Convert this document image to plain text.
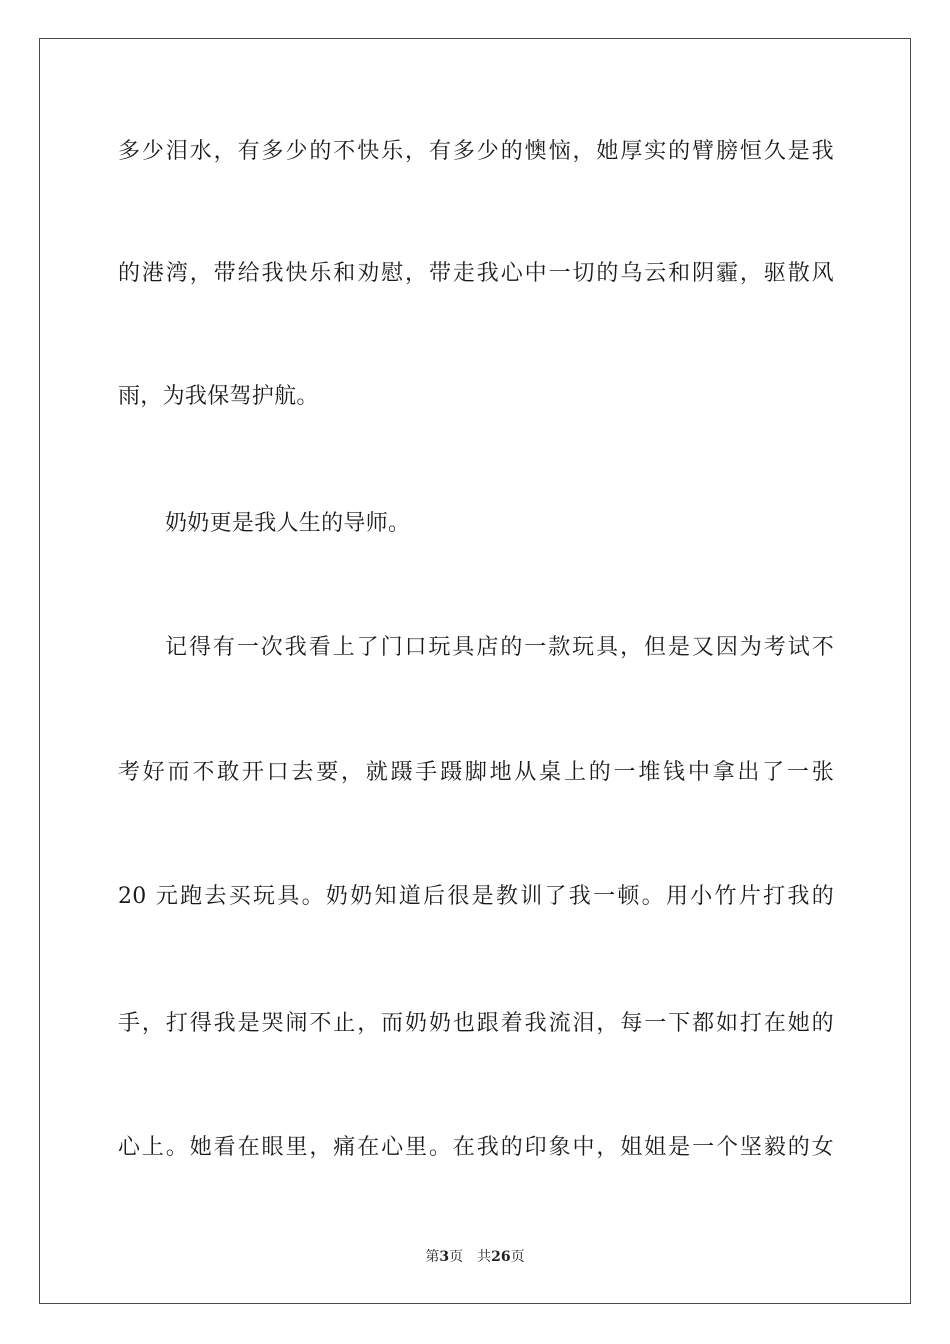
多少泪水，有多少的不快乐，有多少的懊恼，她厚实的臂膀恒久是我
的港湾，带给我快乐和劝慰，带走我心中一切的乌云和阴霾，驱散风
雨，为我保驾护航。
奶奶更是我人生的导师。
记得有一次我看上了门口玩具店的一款玩具，但是又因为考试不
考好而不敢开口去要，就蹑手蹑脚地从桌上的一堆钱中拿出了一张
20 元跑去买玩具。奶奶知道后很是教训了我一顿。用小竹片打我的
手，打得我是哭闹不止，而奶奶也跟着我流泪，每一下都如打在她的
心上。她看在眼里，痛在心里。在我的印象中，姐姐是一个坚毅的女
第3页 共26页
